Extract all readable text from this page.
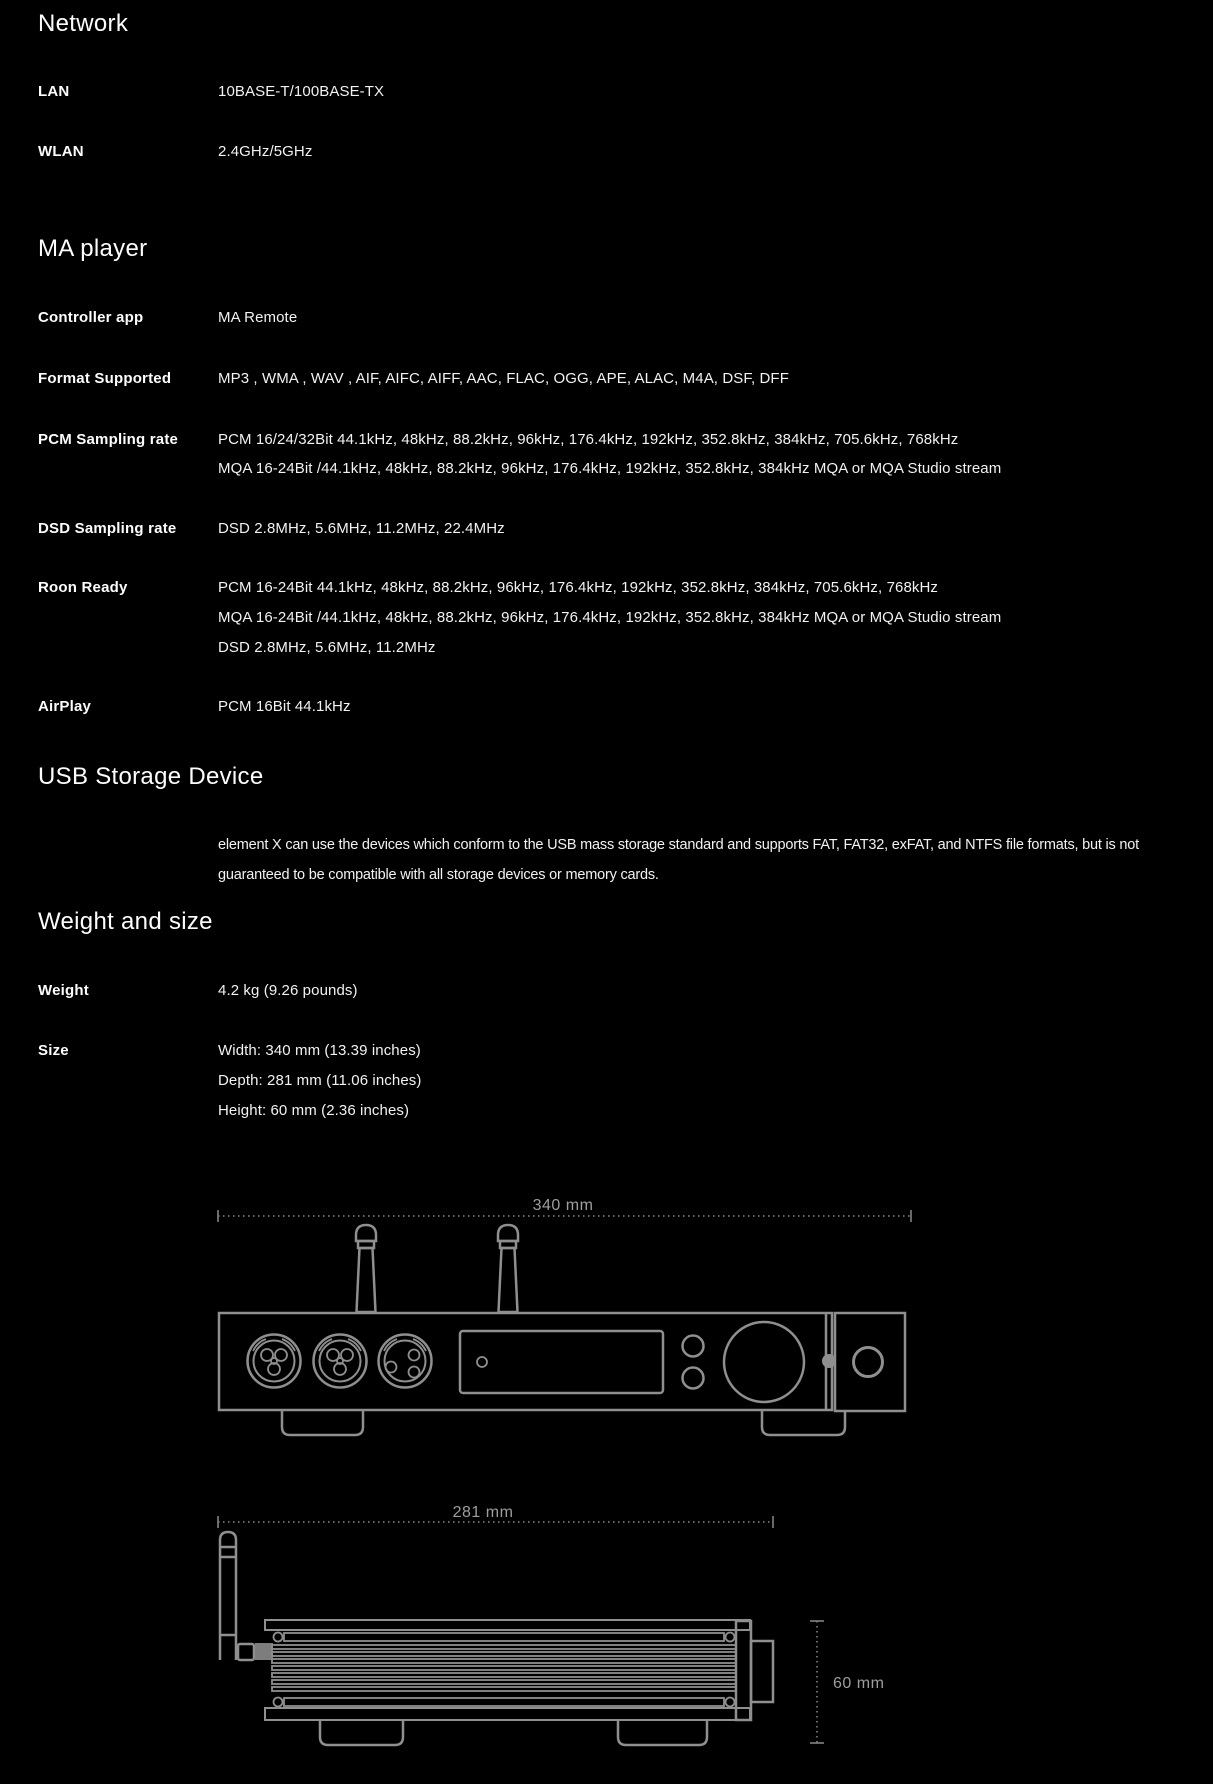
Network
LAN	10BASE-T/100BASE-TX
WLAN	2.4GHz/5GHz
MA player
Controller app	MA Remote
Format Supported	MP3 , WMA , WAV , AIF, AIFC, AIFF, AAC, FLAC, OGG, APE, ALAC, M4A, DSF, DFF
PCM Sampling rate	PCM 16/24/32Bit 44.1kHz, 48kHz, 88.2kHz, 96kHz, 176.4kHz, 192kHz, 352.8kHz, 384kHz, 705.6kHz, 768kHz
MQA 16-24Bit /44.1kHz, 48kHz, 88.2kHz, 96kHz, 176.4kHz, 192kHz, 352.8kHz, 384kHz MQA or MQA Studio stream
DSD Sampling rate	DSD 2.8MHz, 5.6MHz, 11.2MHz, 22.4MHz
Roon Ready	PCM 16-24Bit 44.1kHz, 48kHz, 88.2kHz, 96kHz, 176.4kHz, 192kHz, 352.8kHz, 384kHz, 705.6kHz, 768kHz
MQA 16-24Bit /44.1kHz, 48kHz, 88.2kHz, 96kHz, 176.4kHz, 192kHz, 352.8kHz, 384kHz MQA or MQA Studio stream
DSD 2.8MHz, 5.6MHz, 11.2MHz
AirPlay	PCM 16Bit 44.1kHz
USB Storage Device
element X can use the devices which conform to the USB mass storage standard and supports FAT, FAT32, exFAT, and NTFS file formats, but is not
guaranteed to be compatible with all storage devices or memory cards.
Weight and size
Weight	4.2 kg (9.26 pounds)
Size	Width: 340 mm (13.39 inches)
Depth: 281 mm (11.06 inches)
Height: 60 mm (2.36 inches)
340 mm
281 mm
60 mm
